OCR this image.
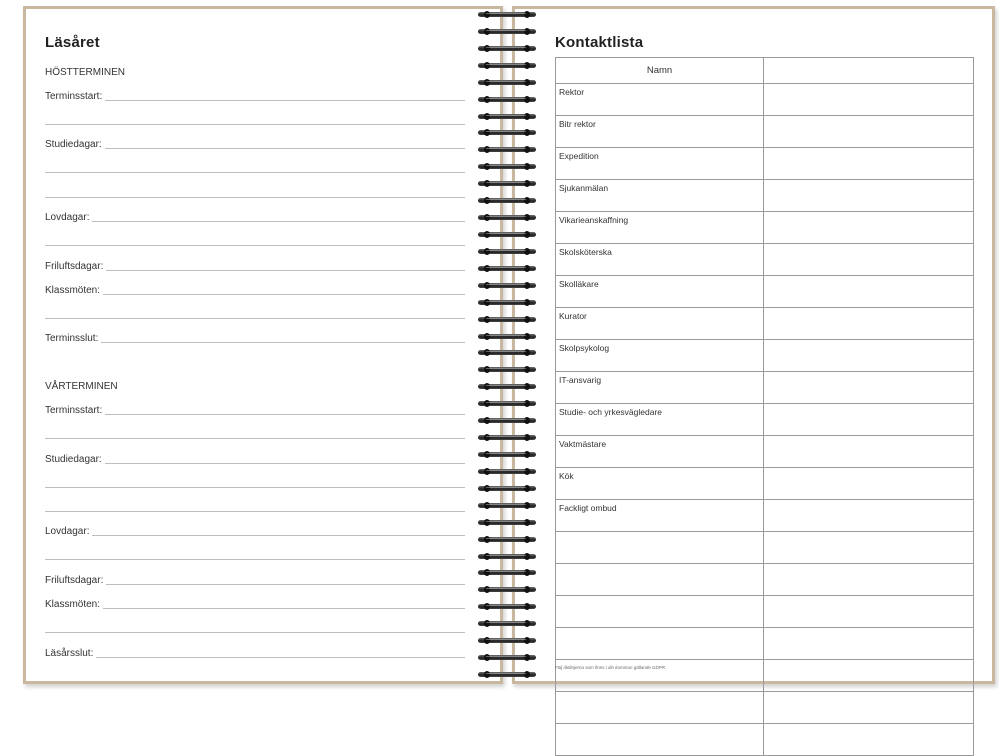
Läsåret
HÖSTTERMINEN
Terminsstart:
Studiedagar:
Lovdagar:
Friluftsdagar:
Klassmöten:
Terminsslut:
VÅRTERMINEN
Terminsstart:
Studiedagar:
Lovdagar:
Friluftsdagar:
Klassmöten:
Läsårsslut:
Kontaktlista
Namn	
Rektor	
Bitr rektor	
Expedition	
Sjukanmälan	
Vikarieanskaffning	
Skolsköterska	
Skolläkare	
Kurator	
Skolpsykolog	
IT-ansvarig	
Studie- och yrkesvägledare	
Vaktmästare	
Kök	
Fackligt ombud	

Följ riktlinjerna som finns i din kommun gällande GDPR.
